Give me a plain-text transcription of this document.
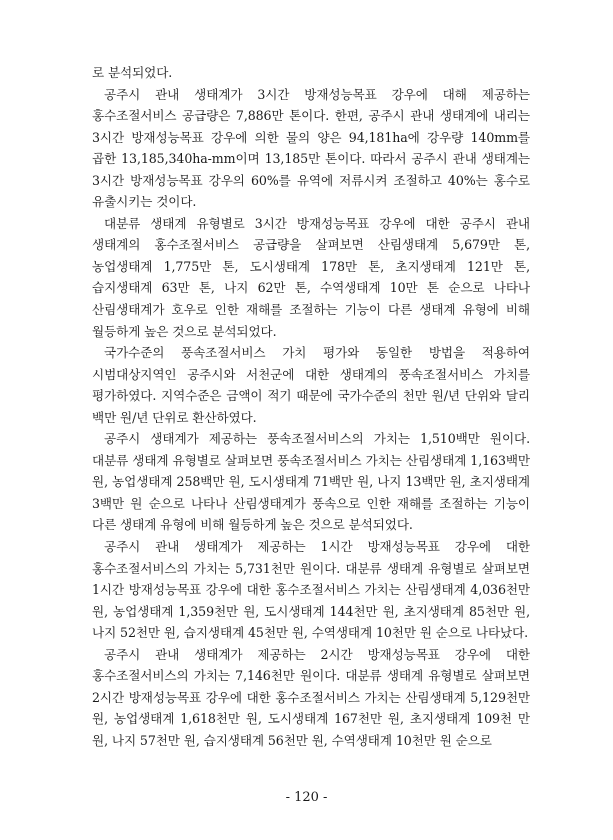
로 분석되었다.

공주시 관내 생태계가 3시간 방재성능목표 강우에 대해 제공하는 홍수조절서비스 공급량은 7,886만 톤이다. 한편, 공주시 관내 생태계에 내리는 3시간 방재성능목표 강우에 의한 물의 양은 94,181ha에 강우량 140mm를 곱한 13,185,340ha-mm이며 13,185만 톤이다. 따라서 공주시 관내 생태계는 3시간 방재성능목표 강우의 60%를 유역에 저류시켜 조절하고 40%는 홍수로 유출시키는 것이다.

대분류 생태계 유형별로 3시간 방재성능목표 강우에 대한 공주시 관내 생태계의 홍수조절서비스 공급량을 살펴보면 산림생태계 5,679만 톤, 농업생태계 1,775만 톤, 도시생태계 178만 톤, 초지생태계 121만 톤, 습지생태계 63만 톤, 나지 62만 톤, 수역생태계 10만 톤 순으로 나타나 산림생태계가 호우로 인한 재해를 조절하는 기능이 다른 생태계 유형에 비해 월등하게 높은 것으로 분석되었다.

국가수준의 풍속조절서비스 가치 평가와 동일한 방법을 적용하여 시범대상지역인 공주시와 서천군에 대한 생태계의 풍속조절서비스 가치를 평가하였다. 지역수준은 금액이 적기 때문에 국가수준의 천만 원/년 단위와 달리 백만 원/년 단위로 환산하였다.

공주시 생태계가 제공하는 풍속조절서비스의 가치는 1,510백만 원이다. 대분류 생태계 유형별로 살펴보면 풍속조절서비스 가치는 산림생태계 1,163백만 원, 농업생태계 258백만 원, 도시생태계 71백만 원, 나지 13백만 원, 초지생태계 3백만 원 순으로 나타나 산림생태계가 풍속으로 인한 재해를 조절하는 기능이 다른 생태계 유형에 비해 월등하게 높은 것으로 분석되었다.

공주시 관내 생태계가 제공하는 1시간 방재성능목표 강우에 대한 홍수조절서비스의 가치는 5,731천만 원이다. 대분류 생태계 유형별로 살펴보면 1시간 방재성능목표 강우에 대한 홍수조절서비스 가치는 산림생태계 4,036천만 원, 농업생태계 1,359천만 원, 도시생태계 144천만 원, 초지생태계 85천만 원, 나지 52천만 원, 습지생태계 45천만 원, 수역생태계 10천만 원 순으로 나타났다.

공주시 관내 생태계가 제공하는 2시간 방재성능목표 강우에 대한 홍수조절서비스의 가치는 7,146천만 원이다. 대분류 생태계 유형별로 살펴보면 2시간 방재성능목표 강우에 대한 홍수조절서비스 가치는 산림생태계 5,129천만 원, 농업생태계 1,618천만 원, 도시생태계 167천만 원, 초지생태계 109천 만 원, 나지 57천만 원, 습지생태계 56천만 원, 수역생태계 10천만 원 순으로

- 120 -
